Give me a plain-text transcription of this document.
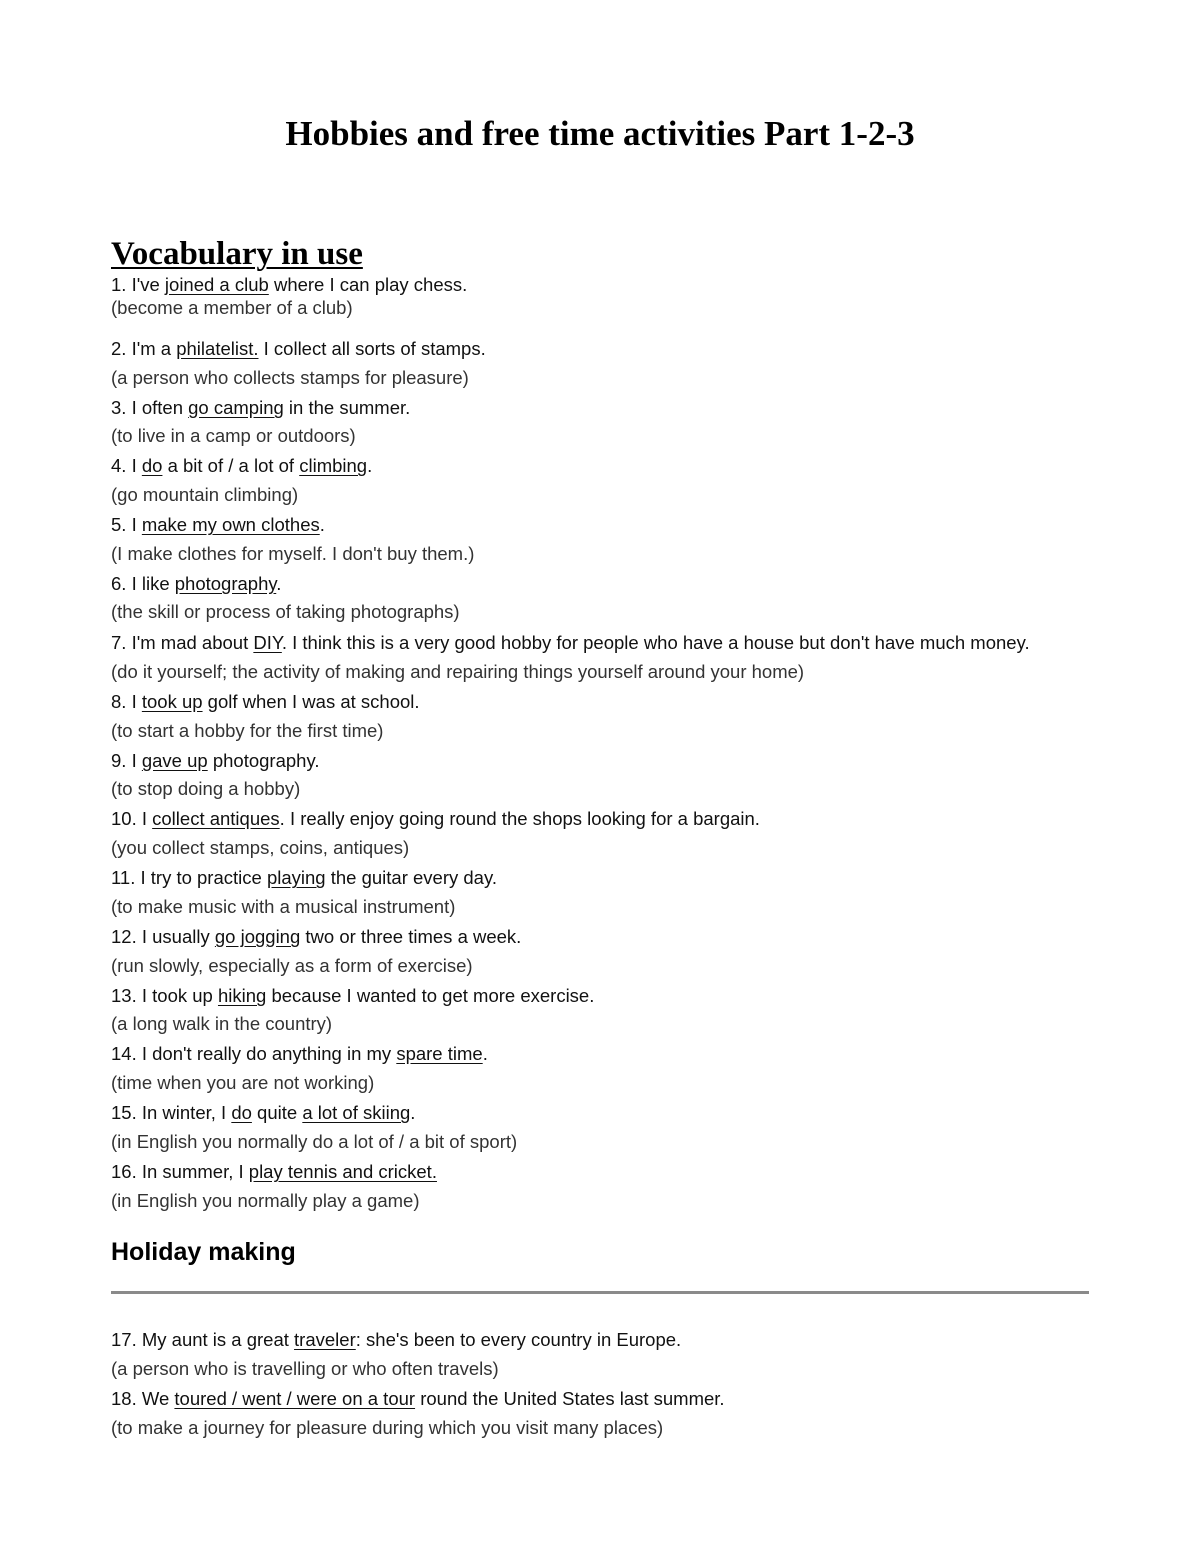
Hobbies and free time activities Part 1-2-3
Vocabulary in use
1. I've joined a club where I can play chess.
(become a member of a club)
2. I'm a philatelist. I collect all sorts of stamps.
(a person who collects stamps for pleasure)
3. I often go camping in the summer.
(to live in a camp or outdoors)
4. I do a bit of / a lot of climbing.
(go mountain climbing)
5. I make my own clothes.
(I make clothes for myself. I don't buy them.)
6. I like photography.
(the skill or process of taking photographs)
7. I'm mad about DIY. I think this is a very good hobby for people who have a house but don't have much money.
(do it yourself; the activity of making and repairing things yourself around your home)
8. I took up golf when I was at school.
(to start a hobby for the first time)
9. I gave up photography.
(to stop doing a hobby)
10. I collect antiques. I really enjoy going round the shops looking for a bargain.
(you collect stamps, coins, antiques)
11. I try to practice playing the guitar every day.
(to make music with a musical instrument)
12. I usually go jogging two or three times a week.
(run slowly, especially as a form of exercise)
13. I took up hiking because I wanted to get more exercise.
(a long walk in the country)
14. I don't really do anything in my spare time.
(time when you are not working)
15. In winter, I do quite a lot of skiing.
(in English you normally do a lot of / a bit of sport)
16. In summer, I play tennis and cricket.
(in English you normally play a game)
Holiday making
17. My aunt is a great traveler: she's been to every country in Europe.
(a person who is travelling or who often travels)
18. We toured / went / were on a tour round the United States last summer.
(to make a journey for pleasure during which you visit many places)
